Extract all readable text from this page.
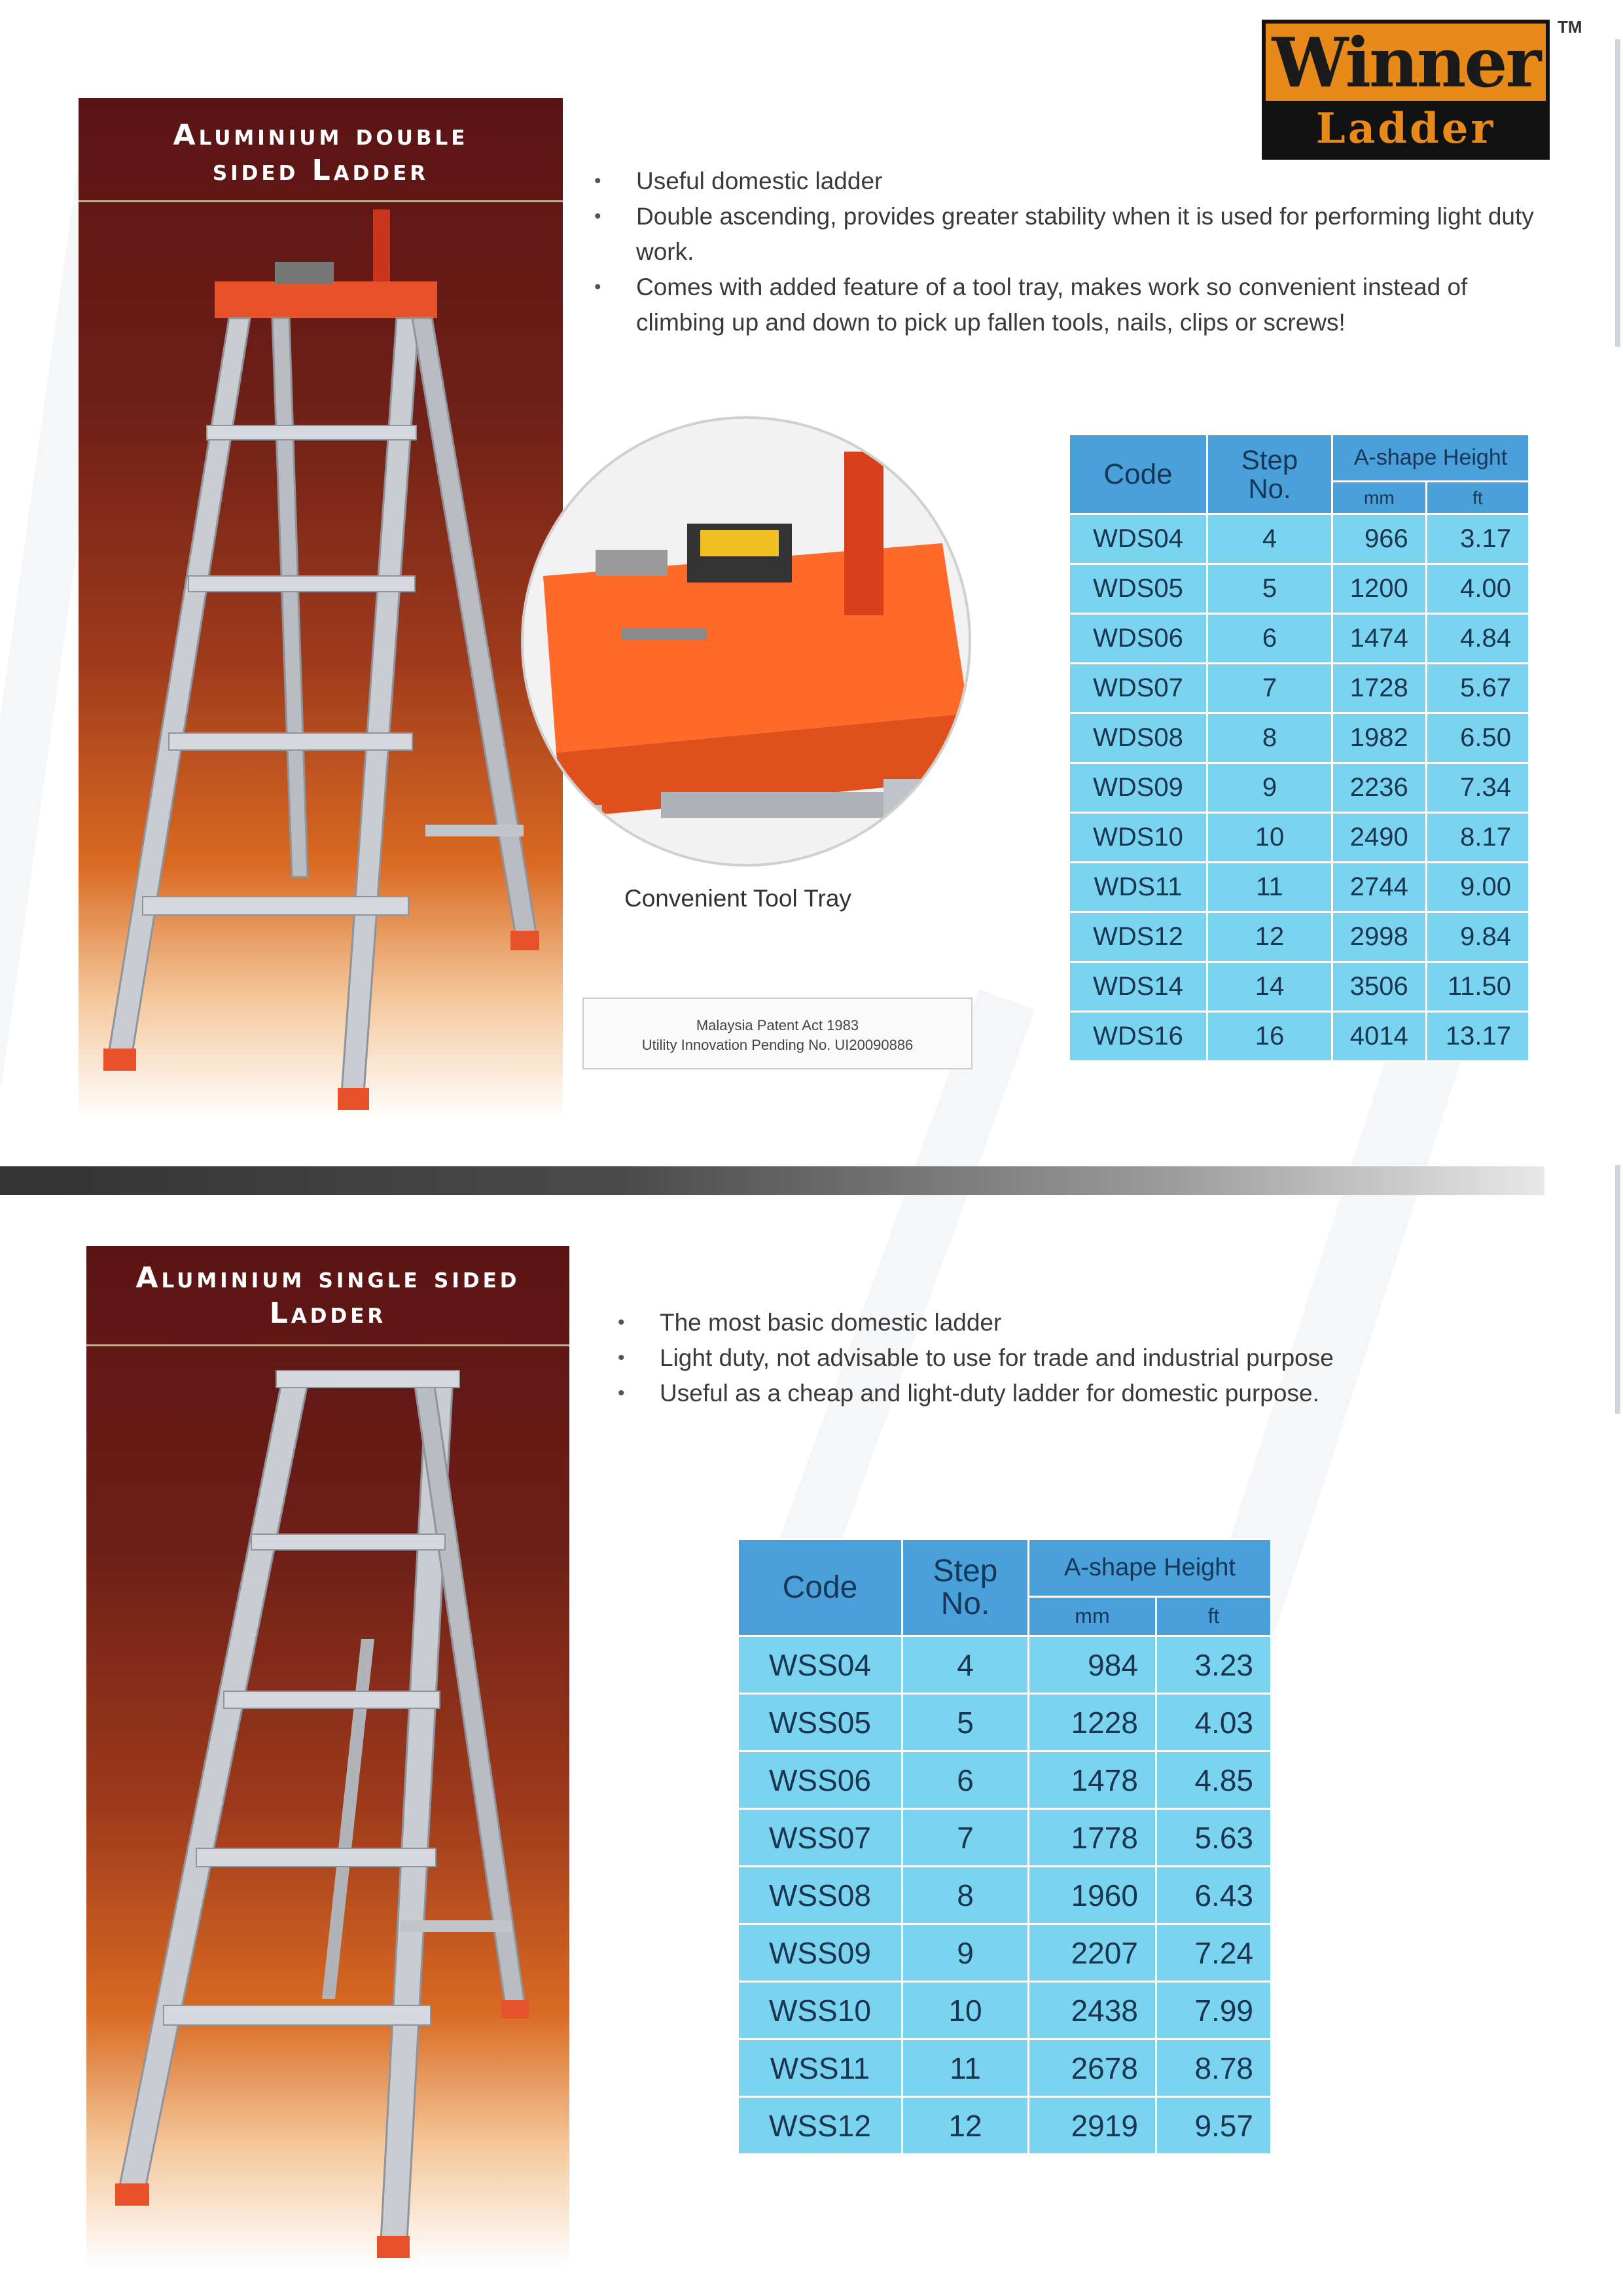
Winner
Ladder
TM
Aluminium double
sided Ladder	• Useful domestic ladder
• Double ascending, provides greater stability when it is used for performing light duty work.
• Comes with added feature of a tool tray, makes work so convenient instead of climbing up and down to pick up fallen tools, nails, clips or screws!
Convenient Tool Tray
Malaysia Patent Act 1983
Utility Innovation Pending No. UI20090886
Code	Step No.	A-shape Height	
		mm	ft
WDS04	4	966	3.17
WDS05	5	1200	4.00
WDS06	6	1474	4.84
WDS07	7	1728	5.67
WDS08	8	1982	6.50
WDS09	9	2236	7.34
WDS10	10	2490	8.17
WDS11	11	2744	9.00
WDS12	12	2998	9.84
WDS14	14	3506	11.50
WDS16	16	4014	13.17
Aluminium single sided
Ladder	• The most basic domestic ladder
• Light duty, not advisable to use for trade and industrial purpose
• Useful as a cheap and light-duty ladder for domestic purpose.
Code	Step No.	A-shape Height	
		mm	ft
WSS04	4	984	3.23
WSS05	5	1228	4.03
WSS06	6	1478	4.85
WSS07	7	1778	5.63
WSS08	8	1960	6.43
WSS09	9	2207	7.24
WSS10	10	2438	7.99
WSS11	11	2678	8.78
WSS12	12	2919	9.57
